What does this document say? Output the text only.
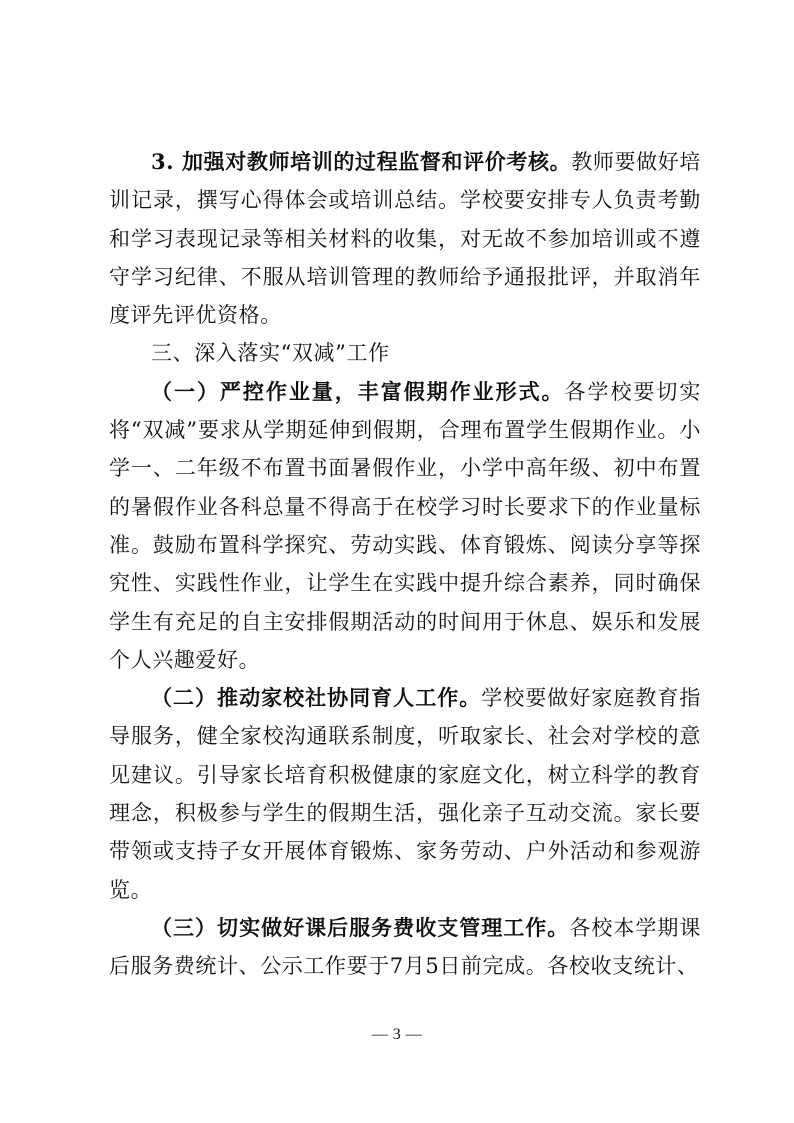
3. 加强对教师培训的过程监督和评价考核。教师要做好培训记录，撰写心得体会或培训总结。学校要安排专人负责考勤和学习表现记录等相关材料的收集，对无故不参加培训或不遵守学习纪律、不服从培训管理的教师给予通报批评，并取消年度评先评优资格。

三、深入落实“双减”工作

（一）严控作业量，丰富假期作业形式。各学校要切实将“双减”要求从学期延伸到假期，合理布置学生假期作业。小学一、二年级不布置书面暑假作业，小学中高年级、初中布置的暑假作业各科总量不得高于在校学习时长要求下的作业量标准。鼓励布置科学探究、劳动实践、体育锻炼、阅读分享等探究性、实践性作业，让学生在实践中提升综合素养，同时确保学生有充足的自主安排假期活动的时间用于休息、娱乐和发展个人兴趣爱好。

（二）推动家校社协同育人工作。学校要做好家庭教育指导服务，健全家校沟通联系制度，听取家长、社会对学校的意见建议。引导家长培育积极健康的家庭文化，树立科学的教育理念，积极参与学生的假期生活，强化亲子互动交流。家长要带领或支持子女开展体育锻炼、家务劳动、户外活动和参观游览。

（三）切实做好课后服务费收支管理工作。各校本学期课后服务费统计、公示工作要于7月5日前完成。各校收支统计、

— 3 —
